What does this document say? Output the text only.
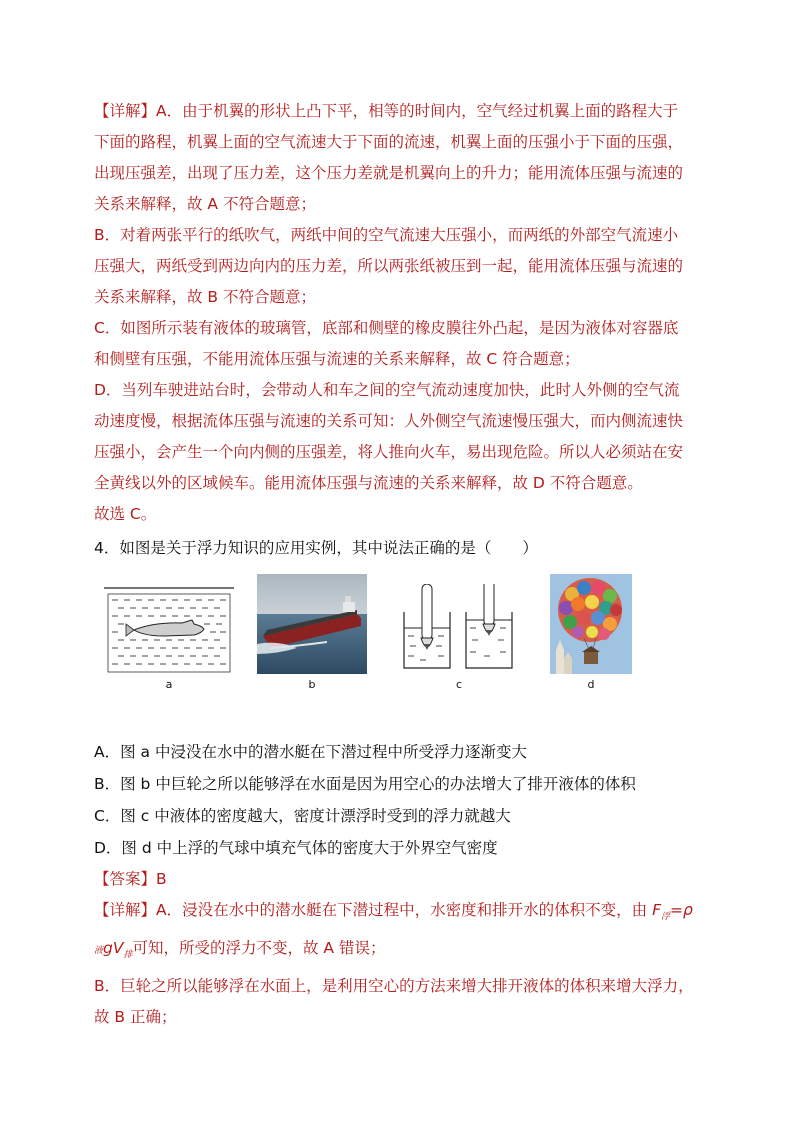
【详解】A．由于机翼的形状上凸下平，相等的时间内，空气经过机翼上面的路程大于
下面的路程，机翼上面的空气流速大于下面的流速，机翼上面的压强小于下面的压强，
出现压强差，出现了压力差，这个压力差就是机翼向上的升力；能用流体压强与流速的
关系来解释，故 A 不符合题意；

B．对着两张平行的纸吹气，两纸中间的空气流速大压强小，而两纸的外部空气流速小
压强大，两纸受到两边向内的压力差，所以两张纸被压到一起，能用流体压强与流速的
关系来解释，故 B 不符合题意；

C．如图所示装有液体的玻璃管，底部和侧壁的橡皮膜往外凸起，是因为液体对容器底
和侧壁有压强，不能用流体压强与流速的关系来解释，故 C 符合题意；

D．当列车驶进站台时，会带动人和车之间的空气流动速度加快，此时人外侧的空气流
动速度慢，根据流体压强与流速的关系可知：人外侧空气流速慢压强大，而内侧流速快
压强小，会产生一个向内侧的压强差，将人推向火车，易出现危险。所以人必须站在安
全黄线以外的区域候车。能用流体压强与流速的关系来解释，故 D 不符合题意。

故选 C。

4．如图是关于浮力知识的应用实例，其中说法正确的是（　　）

a	b	c	d

A．图 a 中浸没在水中的潜水艇在下潜过程中所受浮力逐渐变大

B．图 b 中巨轮之所以能够浮在水面是因为用空心的办法增大了排开液体的体积

C．图 c 中液体的密度越大，密度计漂浮时受到的浮力就越大

D．图 d 中上浮的气球中填充气体的密度大于外界空气密度

【答案】B

【详解】A．浸没在水中的潜水艇在下潜过程中，水密度和排开水的体积不变，由 $F_浮=\rho$
液$gV_排$可知，所受的浮力不变，故 A 错误；

B．巨轮之所以能够浮在水面上，是利用空心的方法来增大排开液体的体积来增大浮力，
故 B 正确；
